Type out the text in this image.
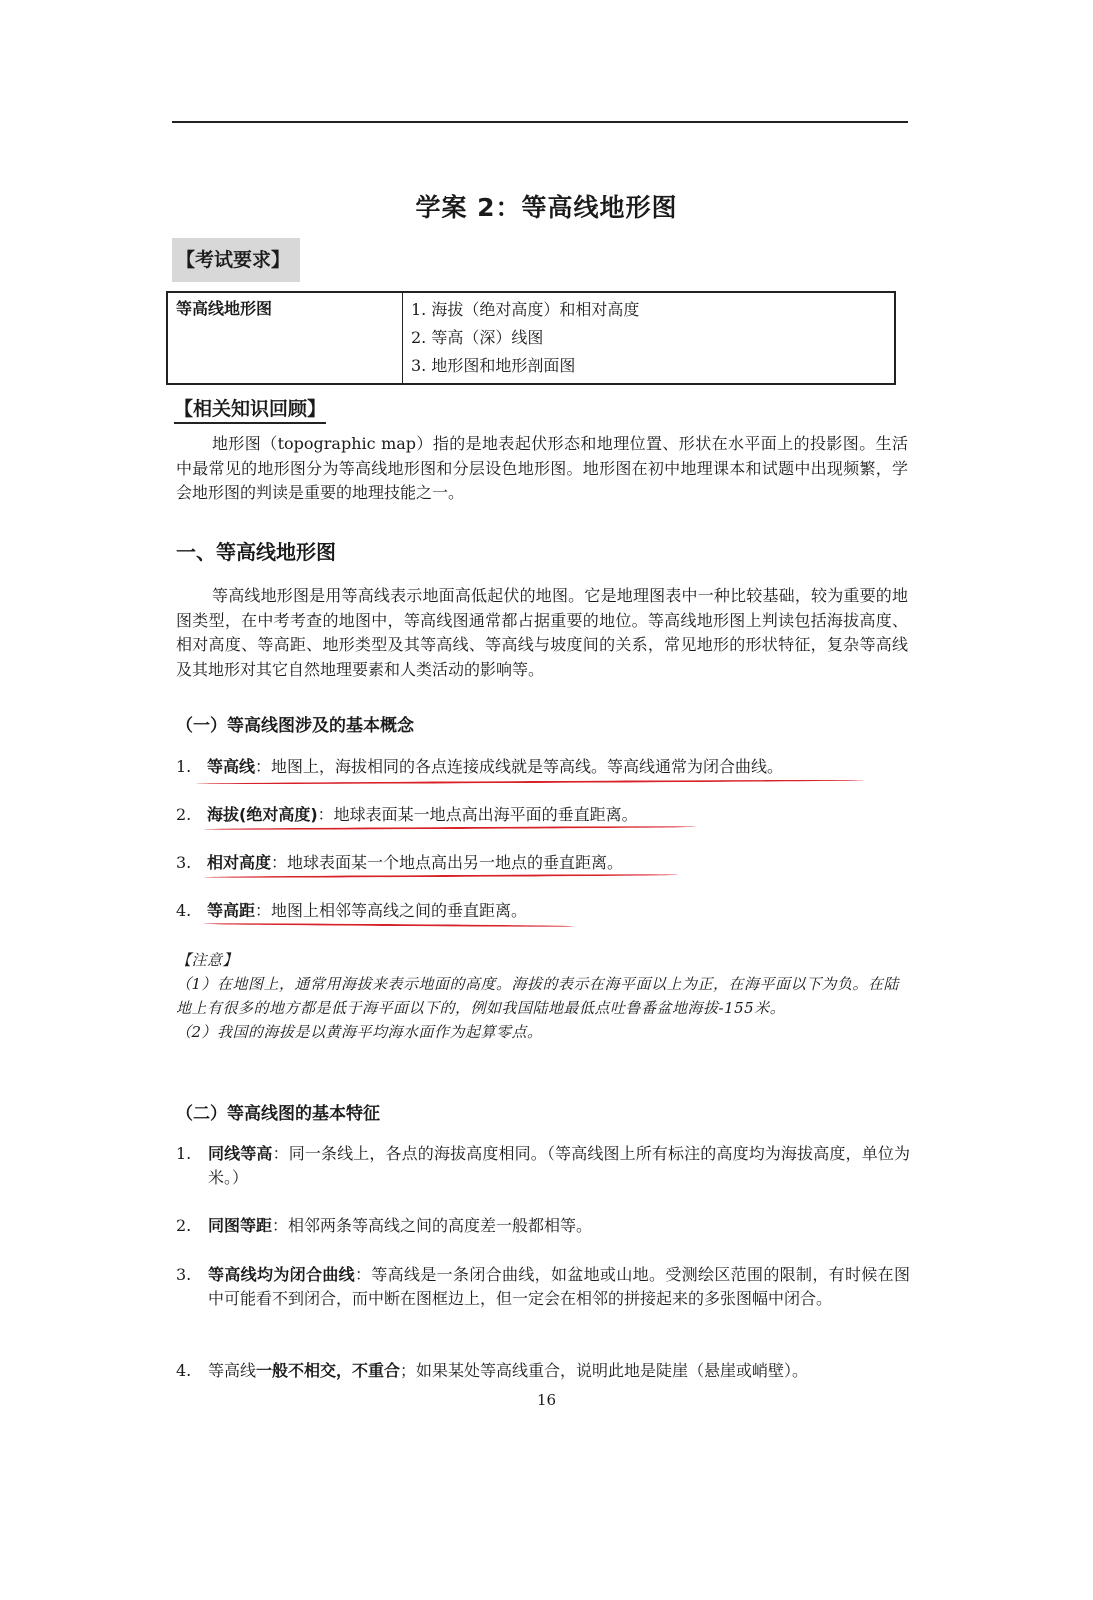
学案 2：等高线地形图
【考试要求】
等高线地形图	1. 海拔（绝对高度）和相对高度
2. 等高（深）线图
3. 地形图和地形剖面图
【相关知识回顾】
地形图（topographic map）指的是地表起伏形态和地理位置、形状在水平面上的投影图。生活中最常见的地形图分为等高线地形图和分层设色地形图。地形图在初中地理课本和试题中出现频繁，学会地形图的判读是重要的地理技能之一。
一、等高线地形图
等高线地形图是用等高线表示地面高低起伏的地图。它是地理图表中一种比较基础，较为重要的地图类型，在中考考查的地图中，等高线图通常都占据重要的地位。等高线地形图上判读包括海拔高度、相对高度、等高距、地形类型及其等高线、等高线与坡度间的关系，常见地形的形状特征，复杂等高线及其地形对其它自然地理要素和人类活动的影响等。
（一）等高线图涉及的基本概念
1. 等高线：地图上，海拔相同的各点连接成线就是等高线。等高线通常为闭合曲线。
2. 海拔(绝对高度)：地球表面某一地点高出海平面的垂直距离。
3. 相对高度：地球表面某一个地点高出另一地点的垂直距离。
4. 等高距：地图上相邻等高线之间的垂直距离。
【注意】
（1）在地图上，通常用海拔来表示地面的高度。海拔的表示在海平面以上为正，在海平面以下为负。在陆地上有很多的地方都是低于海平面以下的，例如我国陆地最低点吐鲁番盆地海拔-155米。
（2）我国的海拔是以黄海平均海水面作为起算零点。
（二）等高线图的基本特征
1. 同线等高：同一条线上，各点的海拔高度相同。（等高线图上所有标注的高度均为海拔高度，单位为米。）
2. 同图等距：相邻两条等高线之间的高度差一般都相等。
3. 等高线均为闭合曲线：等高线是一条闭合曲线，如盆地或山地。受测绘区范围的限制，有时候在图中可能看不到闭合，而中断在图框边上，但一定会在相邻的拼接起来的多张图幅中闭合。
4. 等高线一般不相交，不重合；如果某处等高线重合，说明此地是陡崖（悬崖或峭壁）。
16
